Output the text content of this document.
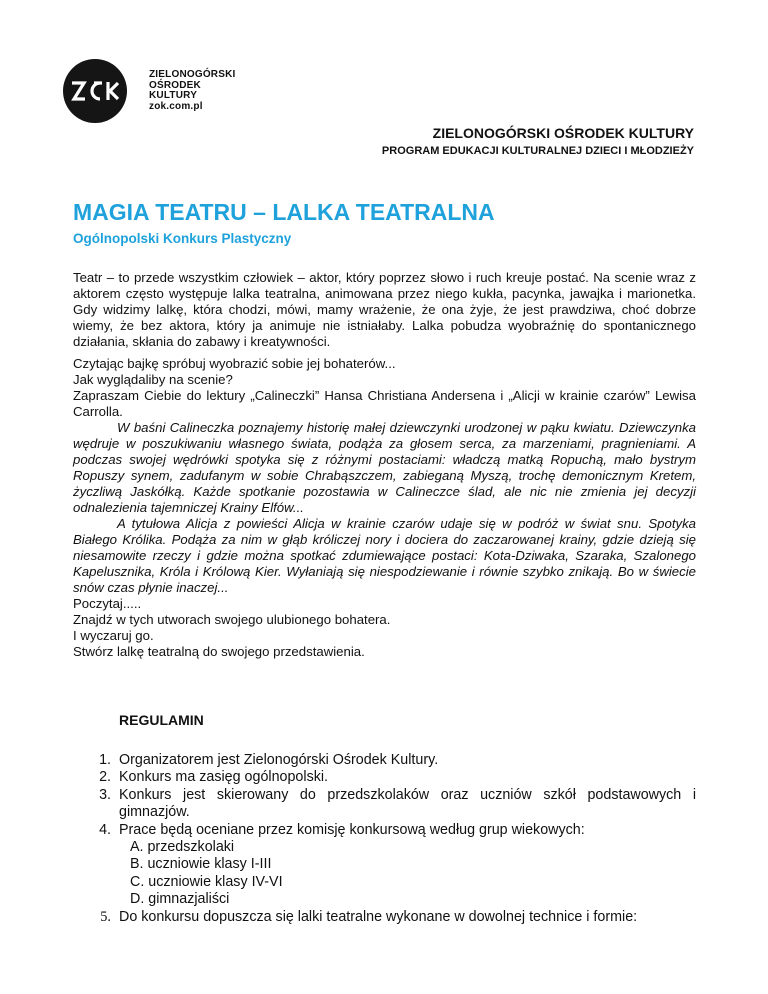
ZIELONOGÓRSKI
OŚRODEK
KULTURY
zok.com.pl
ZIELONOGÓRSKI OŚRODEK KULTURY
PROGRAM EDUKACJI KULTURALNEJ DZIECI I MŁODZIEŻY
MAGIA TEATRU – LALKA TEATRALNA
Ogólnopolski Konkurs Plastyczny
Teatr – to przede wszystkim człowiek – aktor, który poprzez słowo i ruch kreuje postać. Na scenie wraz z aktorem często występuje lalka teatralna, animowana przez niego kukła, pacynka, jawajka i marionetka. Gdy widzimy lalkę, która chodzi, mówi, mamy wrażenie, że ona żyje, że jest prawdziwa, choć dobrze wiemy, że bez aktora, który ja animuje nie istniałaby. Lalka pobudza wyobraźnię do spontanicznego działania, skłania do zabawy i kreatywności.

Czytając bajkę spróbuj wyobrazić sobie jej bohaterów...

Jak wyglądaliby na scenie?

Zapraszam Ciebie do lektury „Calineczki” Hansa Christiana Andersena i „Alicji w krainie czarów” Lewisa Carrolla.

W baśni Calineczka poznajemy historię małej dziewczynki urodzonej w pąku kwiatu. Dziewczynka wędruje w poszukiwaniu własnego świata, podąża za głosem serca, za marzeniami, pragnieniami. A podczas swojej wędrówki spotyka się z różnymi postaciami: władczą matką Ropuchą, mało bystrym Ropuszy synem, zadufanym w sobie Chrabąszczem, zabieganą Myszą, trochę demonicznym Kretem, życzliwą Jaskółką. Każde spotkanie pozostawia w Calineczce ślad, ale nic nie zmienia jej decyzji odnalezienia tajemniczej Krainy Elfów...

A tytułowa Alicja z powieści Alicja w krainie czarów udaje się w podróż w świat snu. Spotyka Białego Królika. Podąża za nim w głąb króliczej nory i dociera do zaczarowanej krainy, gdzie dzieją się niesamowite rzeczy i gdzie można spotkać zdumiewające postaci: Kota-Dziwaka, Szaraka, Szalonego Kapelusznika, Króla i Królową Kier. Wyłaniają się niespodziewanie i równie szybko znikają. Bo w świecie snów czas płynie inaczej...

Poczytaj.....

Znajdź w tych utworach swojego ulubionego bohatera.

I wyczaruj go.

Stwórz lalkę teatralną do swojego przedstawienia.

REGULAMIN
1. Organizatorem jest Zielonogórski Ośrodek Kultury.
2. Konkurs ma zasięg ogólnopolski.
3. Konkurs jest skierowany do przedszkolaków oraz uczniów szkół podstawowych i gimnazjów.
4. Prace będą oceniane przez komisję konkursową według grup wiekowych:
A. przedszkolaki
B. uczniowie klasy I-III
C. uczniowie klasy IV-VI
D. gimnazjaliści
5. Do konkursu dopuszcza się lalki teatralne wykonane w dowolnej technice i formie:
